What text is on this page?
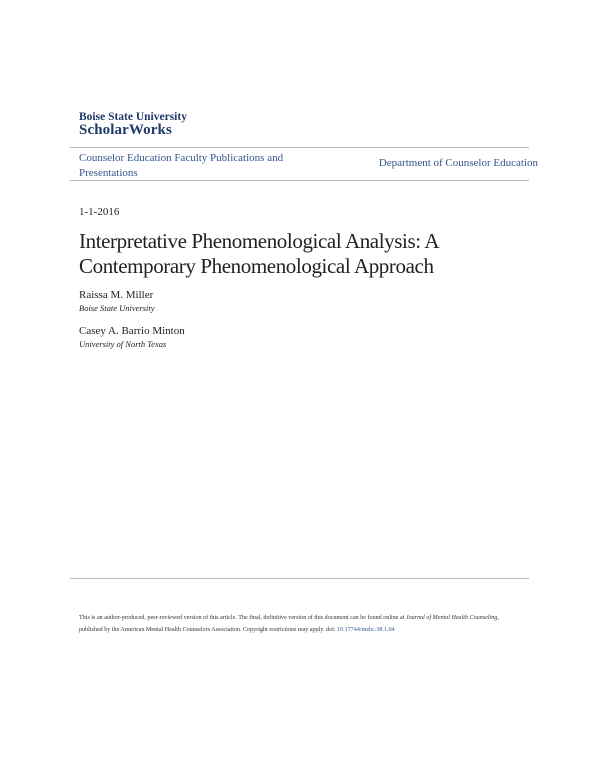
Boise State University
ScholarWorks
Counselor Education Faculty Publications and Presentations
Department of Counselor Education
1-1-2016
Interpretative Phenomenological Analysis: A Contemporary Phenomenological Approach
Raissa M. Miller
Boise State University
Casey A. Barrio Minton
University of North Texas
This is an author-produced, peer-reviewed version of this article. The final, definitive version of this document can be found online at Journal of Mental Health Counseling, published by the American Mental Health Counselors Association. Copyright restrictions may apply. doi: 10.17744/mehc.38.1.04
